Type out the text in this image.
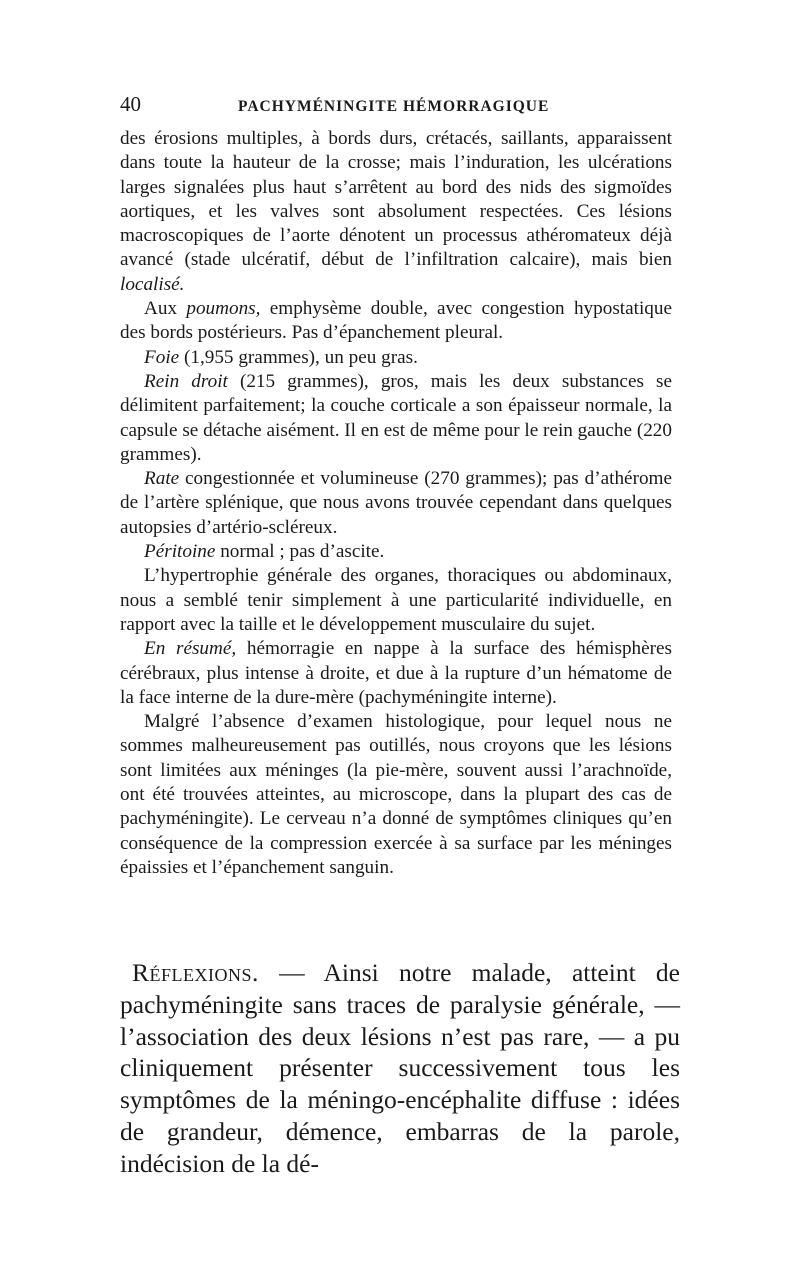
40	PACHYMÉNINGITE HÉMORRAGIQUE

des érosions multiples, à bords durs, crétacés, saillants, apparaissent dans toute la hauteur de la crosse; mais l’induration, les ulcérations larges signalées plus haut s’arrêtent au bord des nids des sigmoïdes aortiques, et les valves sont absolument respectées. Ces lésions macroscopiques de l’aorte dénotent un processus athéromateux déjà avancé (stade ulcératif, début de l’infiltration calcaire), mais bien localisé.

Aux poumons, emphysème double, avec congestion hypostatique des bords postérieurs. Pas d’épanchement pleural.

Foie (1,955 grammes), un peu gras.

Rein droit (215 grammes), gros, mais les deux substances se délimitent parfaitement; la couche corticale a son épaisseur normale, la capsule se détache aisément. Il en est de même pour le rein gauche (220 grammes).

Rate congestionnée et volumineuse (270 grammes); pas d’athérome de l’artère splénique, que nous avons trouvée cependant dans quelques autopsies d’artério-scléreux.

Péritoine normal ; pas d’ascite.

L’hypertrophie générale des organes, thoraciques ou abdominaux, nous a semblé tenir simplement à une particularité individuelle, en rapport avec la taille et le développement musculaire du sujet.

En résumé, hémorragie en nappe à la surface des hémisphères cérébraux, plus intense à droite, et due à la rupture d’un hématome de la face interne de la dure-mère (pachyméningite interne).

Malgré l’absence d’examen histologique, pour lequel nous ne sommes malheureusement pas outillés, nous croyons que les lésions sont limitées aux méninges (la pie-mère, souvent aussi l’arachnoïde, ont été trouvées atteintes, au microscope, dans la plupart des cas de pachyméningite). Le cerveau n’a donné de symptômes cliniques qu’en conséquence de la compression exercée à sa surface par les méninges épaissies et l’épanchement sanguin.

Réflexions. — Ainsi notre malade, atteint de pachyméningite sans traces de paralysie générale, — l’association des deux lésions n’est pas rare, — a pu cliniquement présenter successivement tous les symptômes de la méningo-encéphalite diffuse : idées de grandeur, démence, embarras de la parole, indécision de la dé-
